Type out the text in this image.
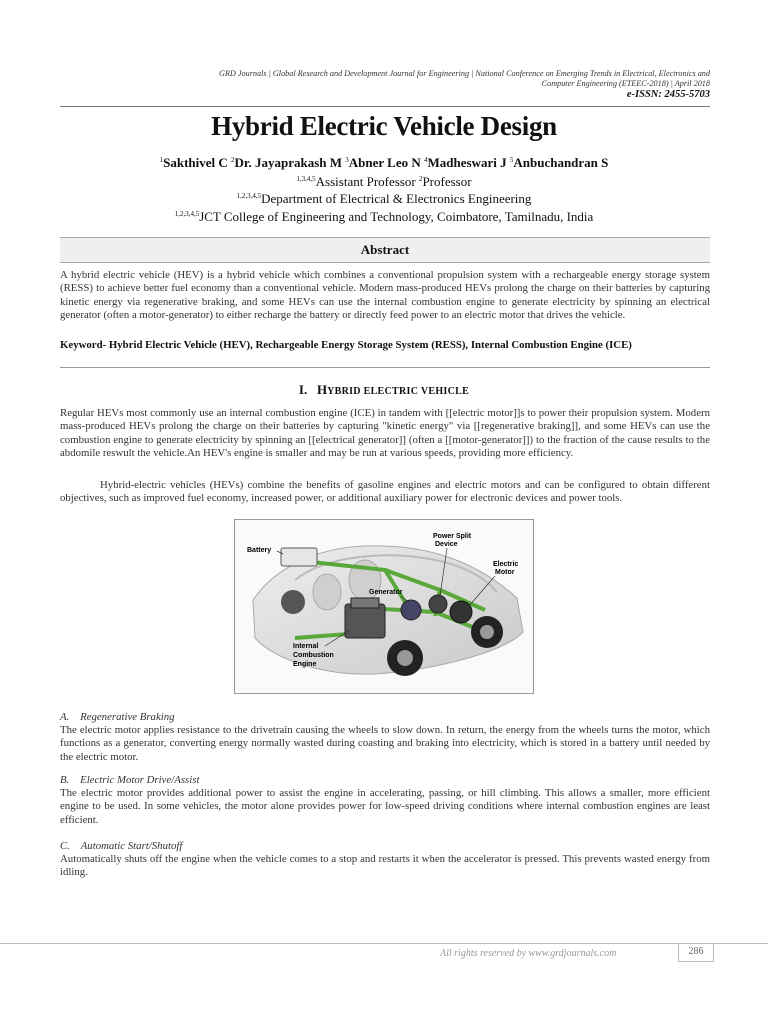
GRD Journals | Global Research and Development Journal for Engineering | National Conference on Emerging Trends in Electrical, Electronics and
Computer Engineering (ETEEC-2018) | April 2018
e-ISSN: 2455-5703
Hybrid Electric Vehicle Design
$^1$Sakthivel C $^2$Dr. Jayaprakash M $^3$Abner Leo N $^4$Madheswari J $^5$Anbuchandran S
$^{1,3,4,5}$Assistant Professor $^2$Professor
$^{1,2,3,4,5}$Department of Electrical & Electronics Engineering
$^{1,2,3,4,5}$JCT College of Engineering and Technology, Coimbatore, Tamilnadu, India
Abstract
A hybrid electric vehicle (HEV) is a hybrid vehicle which combines a conventional propulsion system with a rechargeable energy storage system (RESS) to achieve better fuel economy than a conventional vehicle. Modern mass-produced HEVs prolong the charge on their batteries by capturing kinetic energy via regenerative braking, and some HEVs can use the internal combustion engine to generate electricity by spinning an electrical generator (often a motor-generator) to either recharge the battery or directly feed power to an electric motor that drives the vehicle.
Keyword- Hybrid Electric Vehicle (HEV), Rechargeable Energy Storage System (RESS), Internal Combustion Engine (ICE)
I. HYBRID ELECTRIC VEHICLE
Regular HEVs most commonly use an internal combustion engine (ICE) in tandem with [[electric motor]]s to power their propulsion system. Modern mass-produced HEVs prolong the charge on their batteries by capturing "kinetic energy" via [[regenerative braking]], and some HEVs can use the combustion engine to generate electricity by spinning an [[electrical generator]] (often a [[motor-generator]]) to the fraction of the cause results to the abdomile reswult the vehicle.An HEV's engine is smaller and may be run at various speeds, providing more efficiency.
Hybrid-electric vehicles (HEVs) combine the benefits of gasoline engines and electric motors and can be configured to obtain different objectives, such as improved fuel economy, increased power, or additional auxiliary power for electronic devices and power tools.
Battery
Power Split
Device
Electric
Motor
Generator
Internal
Combustion
Engine
A. Regenerative Braking
The electric motor applies resistance to the drivetrain causing the wheels to slow down. In return, the energy from the wheels turns the motor, which functions as a generator, converting energy normally wasted during coasting and braking into electricity, which is stored in a battery until needed by the electric motor.
B. Electric Motor Drive/Assist
The electric motor provides additional power to assist the engine in accelerating, passing, or hill climbing. This allows a smaller, more efficient engine to be used. In some vehicles, the motor alone provides power for low-speed driving conditions where internal combustion engines are least efficient.
C. Automatic Start/Shutoff
Automatically shuts off the engine when the vehicle comes to a stop and restarts it when the accelerator is pressed. This prevents wasted energy from idling.
All rights reserved by www.grdjournals.com	286
